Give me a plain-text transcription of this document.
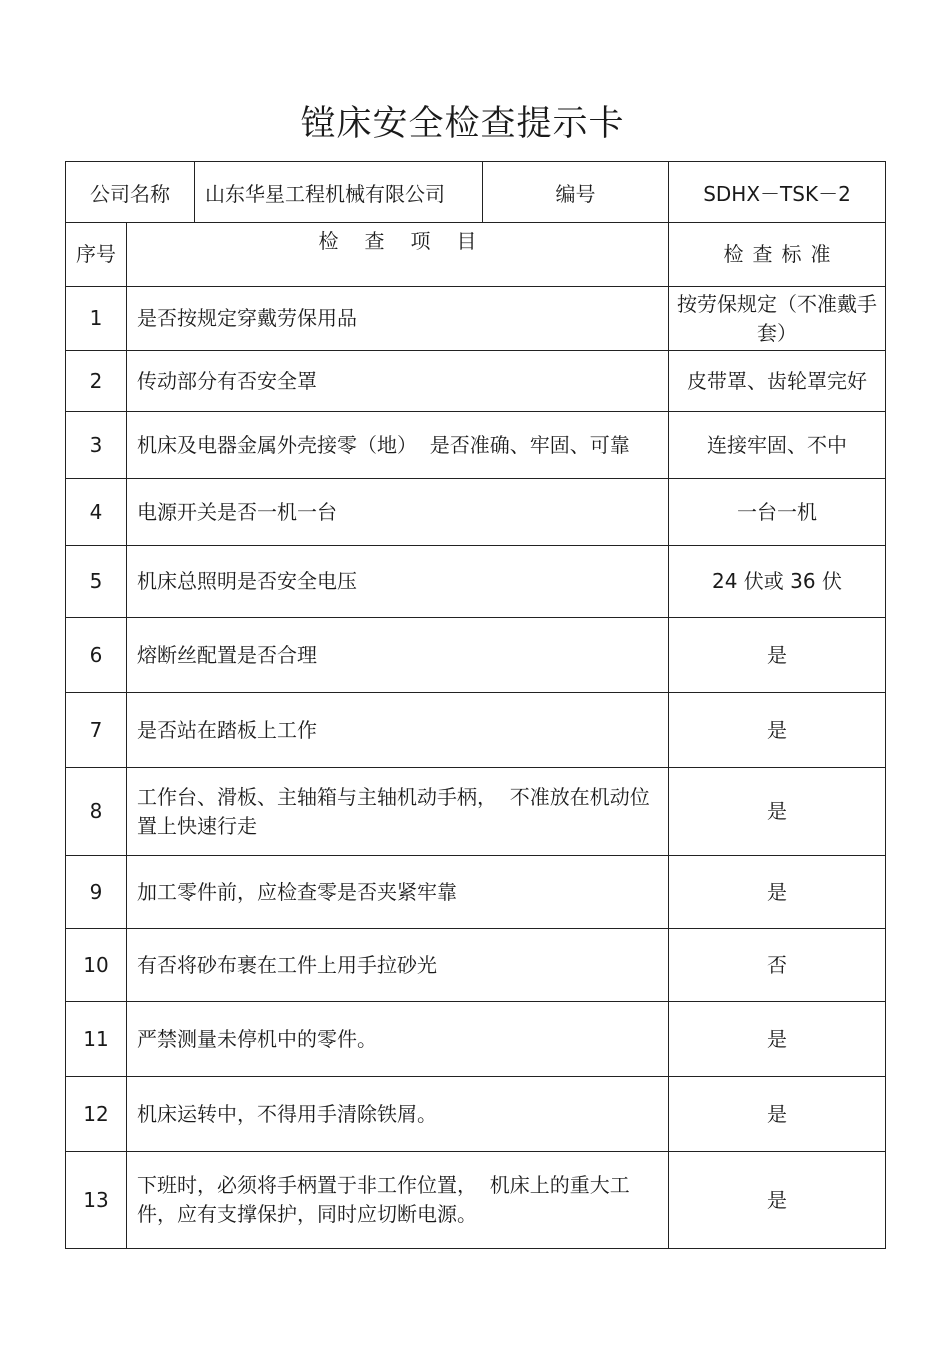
镗床安全检查提示卡
公司名称	山东华星工程机械有限公司	编号	SDHX－TSK－2
序号	检查项目	检查标准
1	是否按规定穿戴劳保用品	按劳保规定（不准戴手套）
2	传动部分有否安全罩	皮带罩、齿轮罩完好
3	机床及电器金属外壳接零（地）  是否准确、牢固、可靠	连接牢固、不中
4	电源开关是否一机一台	一台一机
5	机床总照明是否安全电压	24 伏或 36 伏
6	熔断丝配置是否合理	是
7	是否站在踏板上工作	是
8	工作台、滑板、主轴箱与主轴机动手柄，  不准放在机动位置上快速行走	是
9	加工零件前，应检查零是否夹紧牢靠	是
10	有否将砂布裹在工件上用手拉砂光	否
11	严禁测量未停机中的零件。	是
12	机床运转中，不得用手清除铁屑。	是
13	下班时，必须将手柄置于非工作位置，  机床上的重大工件，应有支撑保护，同时应切断电源。	是
